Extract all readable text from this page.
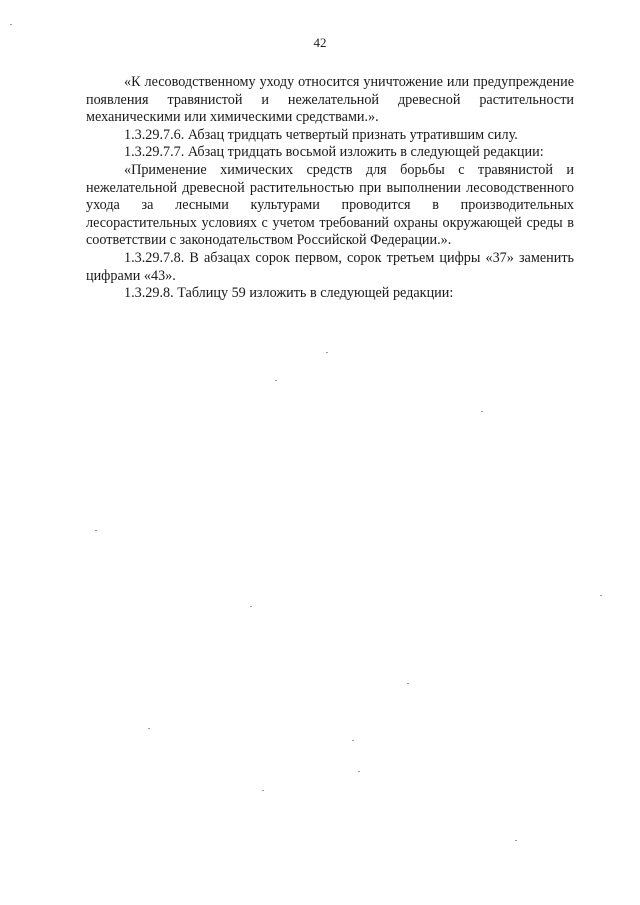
42

«К лесоводственному уходу относится уничтожение или предупреждение появления травянистой и нежелательной древесной растительности механическими или химическими средствами.».

1.3.29.7.6. Абзац тридцать четвертый признать утратившим силу.

1.3.29.7.7. Абзац тридцать восьмой изложить в следующей редакции:

«Применение химических средств для борьбы с травянистой и нежелательной древесной растительностью при выполнении лесоводственного ухода за лесными культурами проводится в производительных лесорастительных условиях с учетом требований охраны окружающей среды в соответствии с законодательством Российской Федерации.».

1.3.29.7.8. В абзацах сорок первом, сорок третьем цифры «37» заменить цифрами «43».

1.3.29.8. Таблицу 59 изложить в следующей редакции:
